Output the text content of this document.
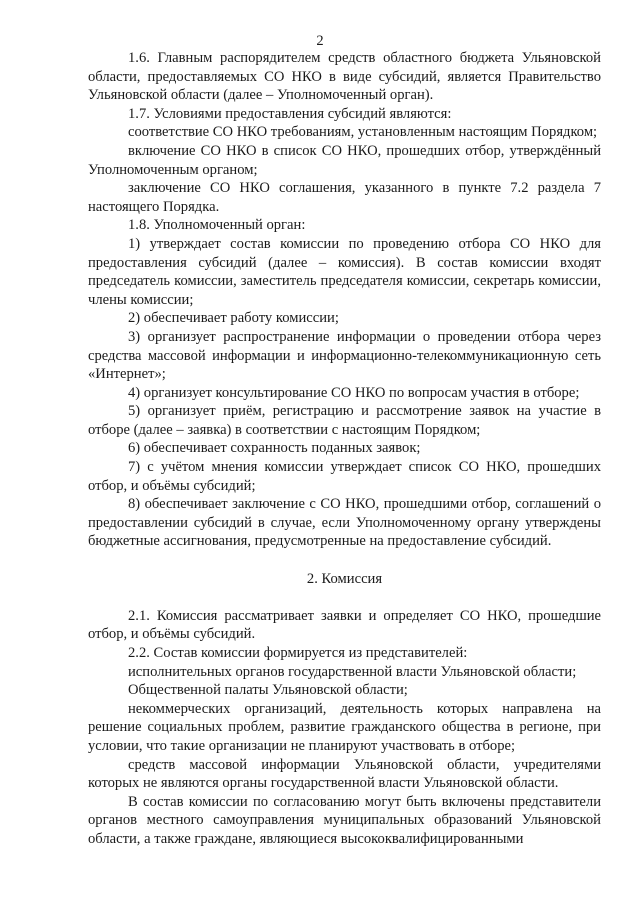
2

1.6. Главным распорядителем средств областного бюджета Ульяновской области, предоставляемых СО НКО в виде субсидий, является Правительство Ульяновской области (далее – Уполномоченный орган).

1.7. Условиями предоставления субсидий являются:

соответствие СО НКО требованиям, установленным настоящим Порядком;

включение СО НКО в список СО НКО, прошедших отбор, утверждённый Уполномоченным органом;

заключение СО НКО соглашения, указанного в пункте 7.2 раздела 7 настоящего Порядка.

1.8. Уполномоченный орган:

1) утверждает состав комиссии по проведению отбора СО НКО для предоставления субсидий (далее – комиссия). В состав комиссии входят председатель комиссии, заместитель председателя комиссии, секретарь комиссии, члены комиссии;

2) обеспечивает работу комиссии;

3) организует распространение информации о проведении отбора через средства массовой информации и информационно-телекоммуникационную сеть «Интернет»;

4) организует консультирование СО НКО по вопросам участия в отборе;

5) организует приём, регистрацию и рассмотрение заявок на участие в отборе (далее – заявка) в соответствии с настоящим Порядком;

6) обеспечивает сохранность поданных заявок;

7) с учётом мнения комиссии утверждает список СО НКО, прошедших отбор, и объёмы субсидий;

8) обеспечивает заключение с СО НКО, прошедшими отбор, соглашений о предоставлении субсидий в случае, если Уполномоченному органу утверждены бюджетные ассигнования, предусмотренные на предоставление субсидий.

2. Комиссия

2.1. Комиссия рассматривает заявки и определяет СО НКО, прошедшие отбор, и объёмы субсидий.

2.2. Состав комиссии формируется из представителей:

исполнительных органов государственной власти Ульяновской области;

Общественной палаты Ульяновской области;

некоммерческих организаций, деятельность которых направлена на решение социальных проблем, развитие гражданского общества в регионе, при условии, что такие организации не планируют участвовать в отборе;

средств массовой информации Ульяновской области, учредителями которых не являются органы государственной власти Ульяновской области.

В состав комиссии по согласованию могут быть включены представители органов местного самоуправления муниципальных образований Ульяновской области, а также граждане, являющиеся высококвалифицированными
